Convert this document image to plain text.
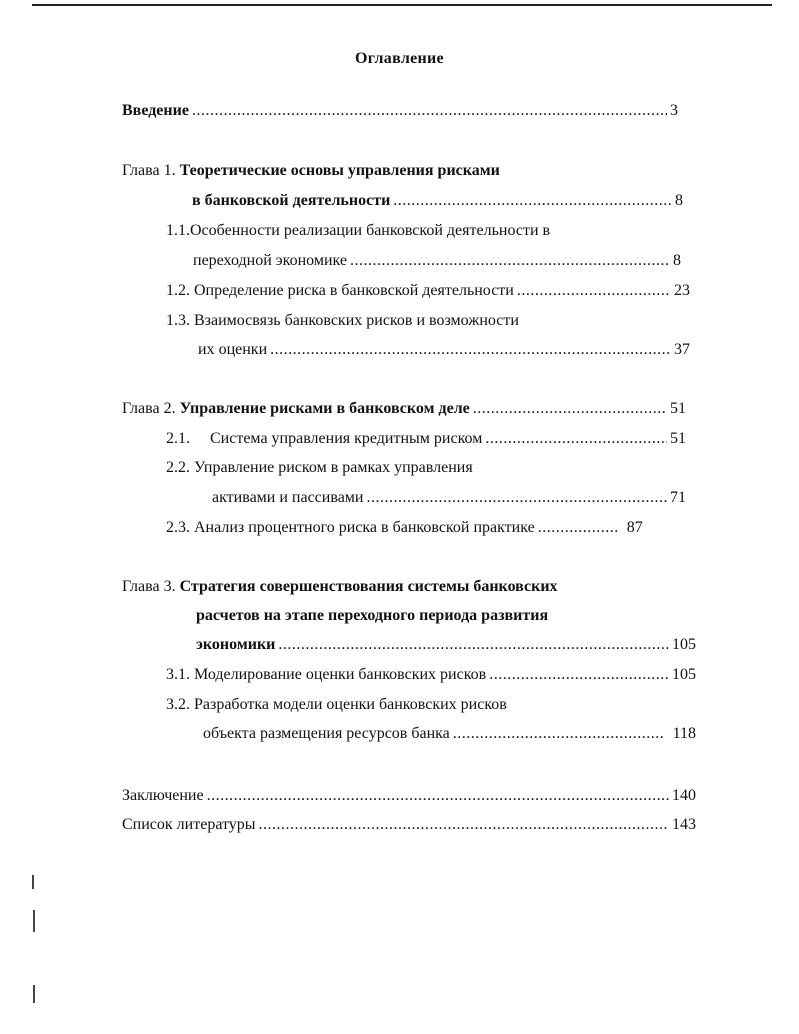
Оглавление
Введение .....	3
Глава 1. Теоретические основы управления рисками
в банковской деятельности .....	8
1.1.Особенности реализации банковской деятельности в
переходной экономике .....	8
1.2. Определение риска в банковской деятельности .....	23
1.3. Взаимосвязь банковских рисков и возможности
их оценки .....	37
Глава 2. Управление рисками в банковском деле .....	51
2.1.	Система управления кредитным риском .....	51
2.2. Управление риском в рамках управления
активами и пассивами .....	71
2.3. Анализ процентного риска в банковской практике .....	87
Глава 3. Стратегия совершенствования системы банковских
расчетов на этапе переходного периода развития
экономики .....	105
3.1. Моделирование оценки банковских рисков .....	105
3.2. Разработка модели оценки банковских рисков
объекта размещения ресурсов банка .....	118
Заключение .....	140
Список литературы .....	143
